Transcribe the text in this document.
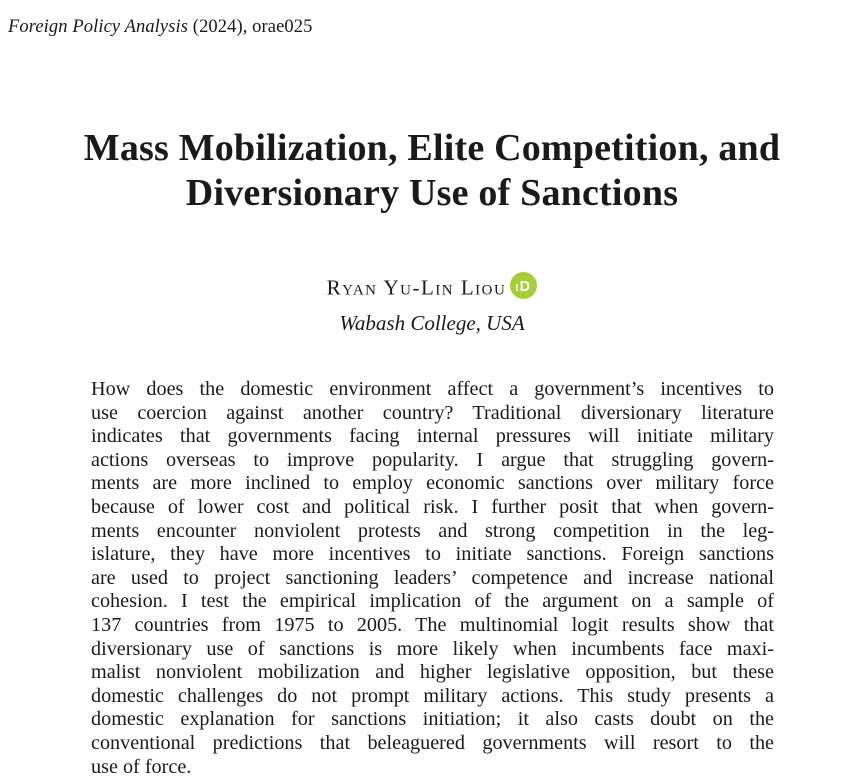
Foreign Policy Analysis (2024), orae025
Mass Mobilization, Elite Competition, and
Diversionary Use of Sanctions
Ryan Yu-Lin Liou iD
Wabash College, USA
How does the domestic environment affect a government’s incentives to
use coercion against another country? Traditional diversionary literature
indicates that governments facing internal pressures will initiate military
actions overseas to improve popularity. I argue that struggling govern-
ments are more inclined to employ economic sanctions over military force
because of lower cost and political risk. I further posit that when govern-
ments encounter nonviolent protests and strong competition in the leg-
islature, they have more incentives to initiate sanctions. Foreign sanctions
are used to project sanctioning leaders’ competence and increase national
cohesion. I test the empirical implication of the argument on a sample of
137 countries from 1975 to 2005. The multinomial logit results show that
diversionary use of sanctions is more likely when incumbents face maxi-
malist nonviolent mobilization and higher legislative opposition, but these
domestic challenges do not prompt military actions. This study presents a
domestic explanation for sanctions initiation; it also casts doubt on the
conventional predictions that beleaguered governments will resort to the
use of force.
